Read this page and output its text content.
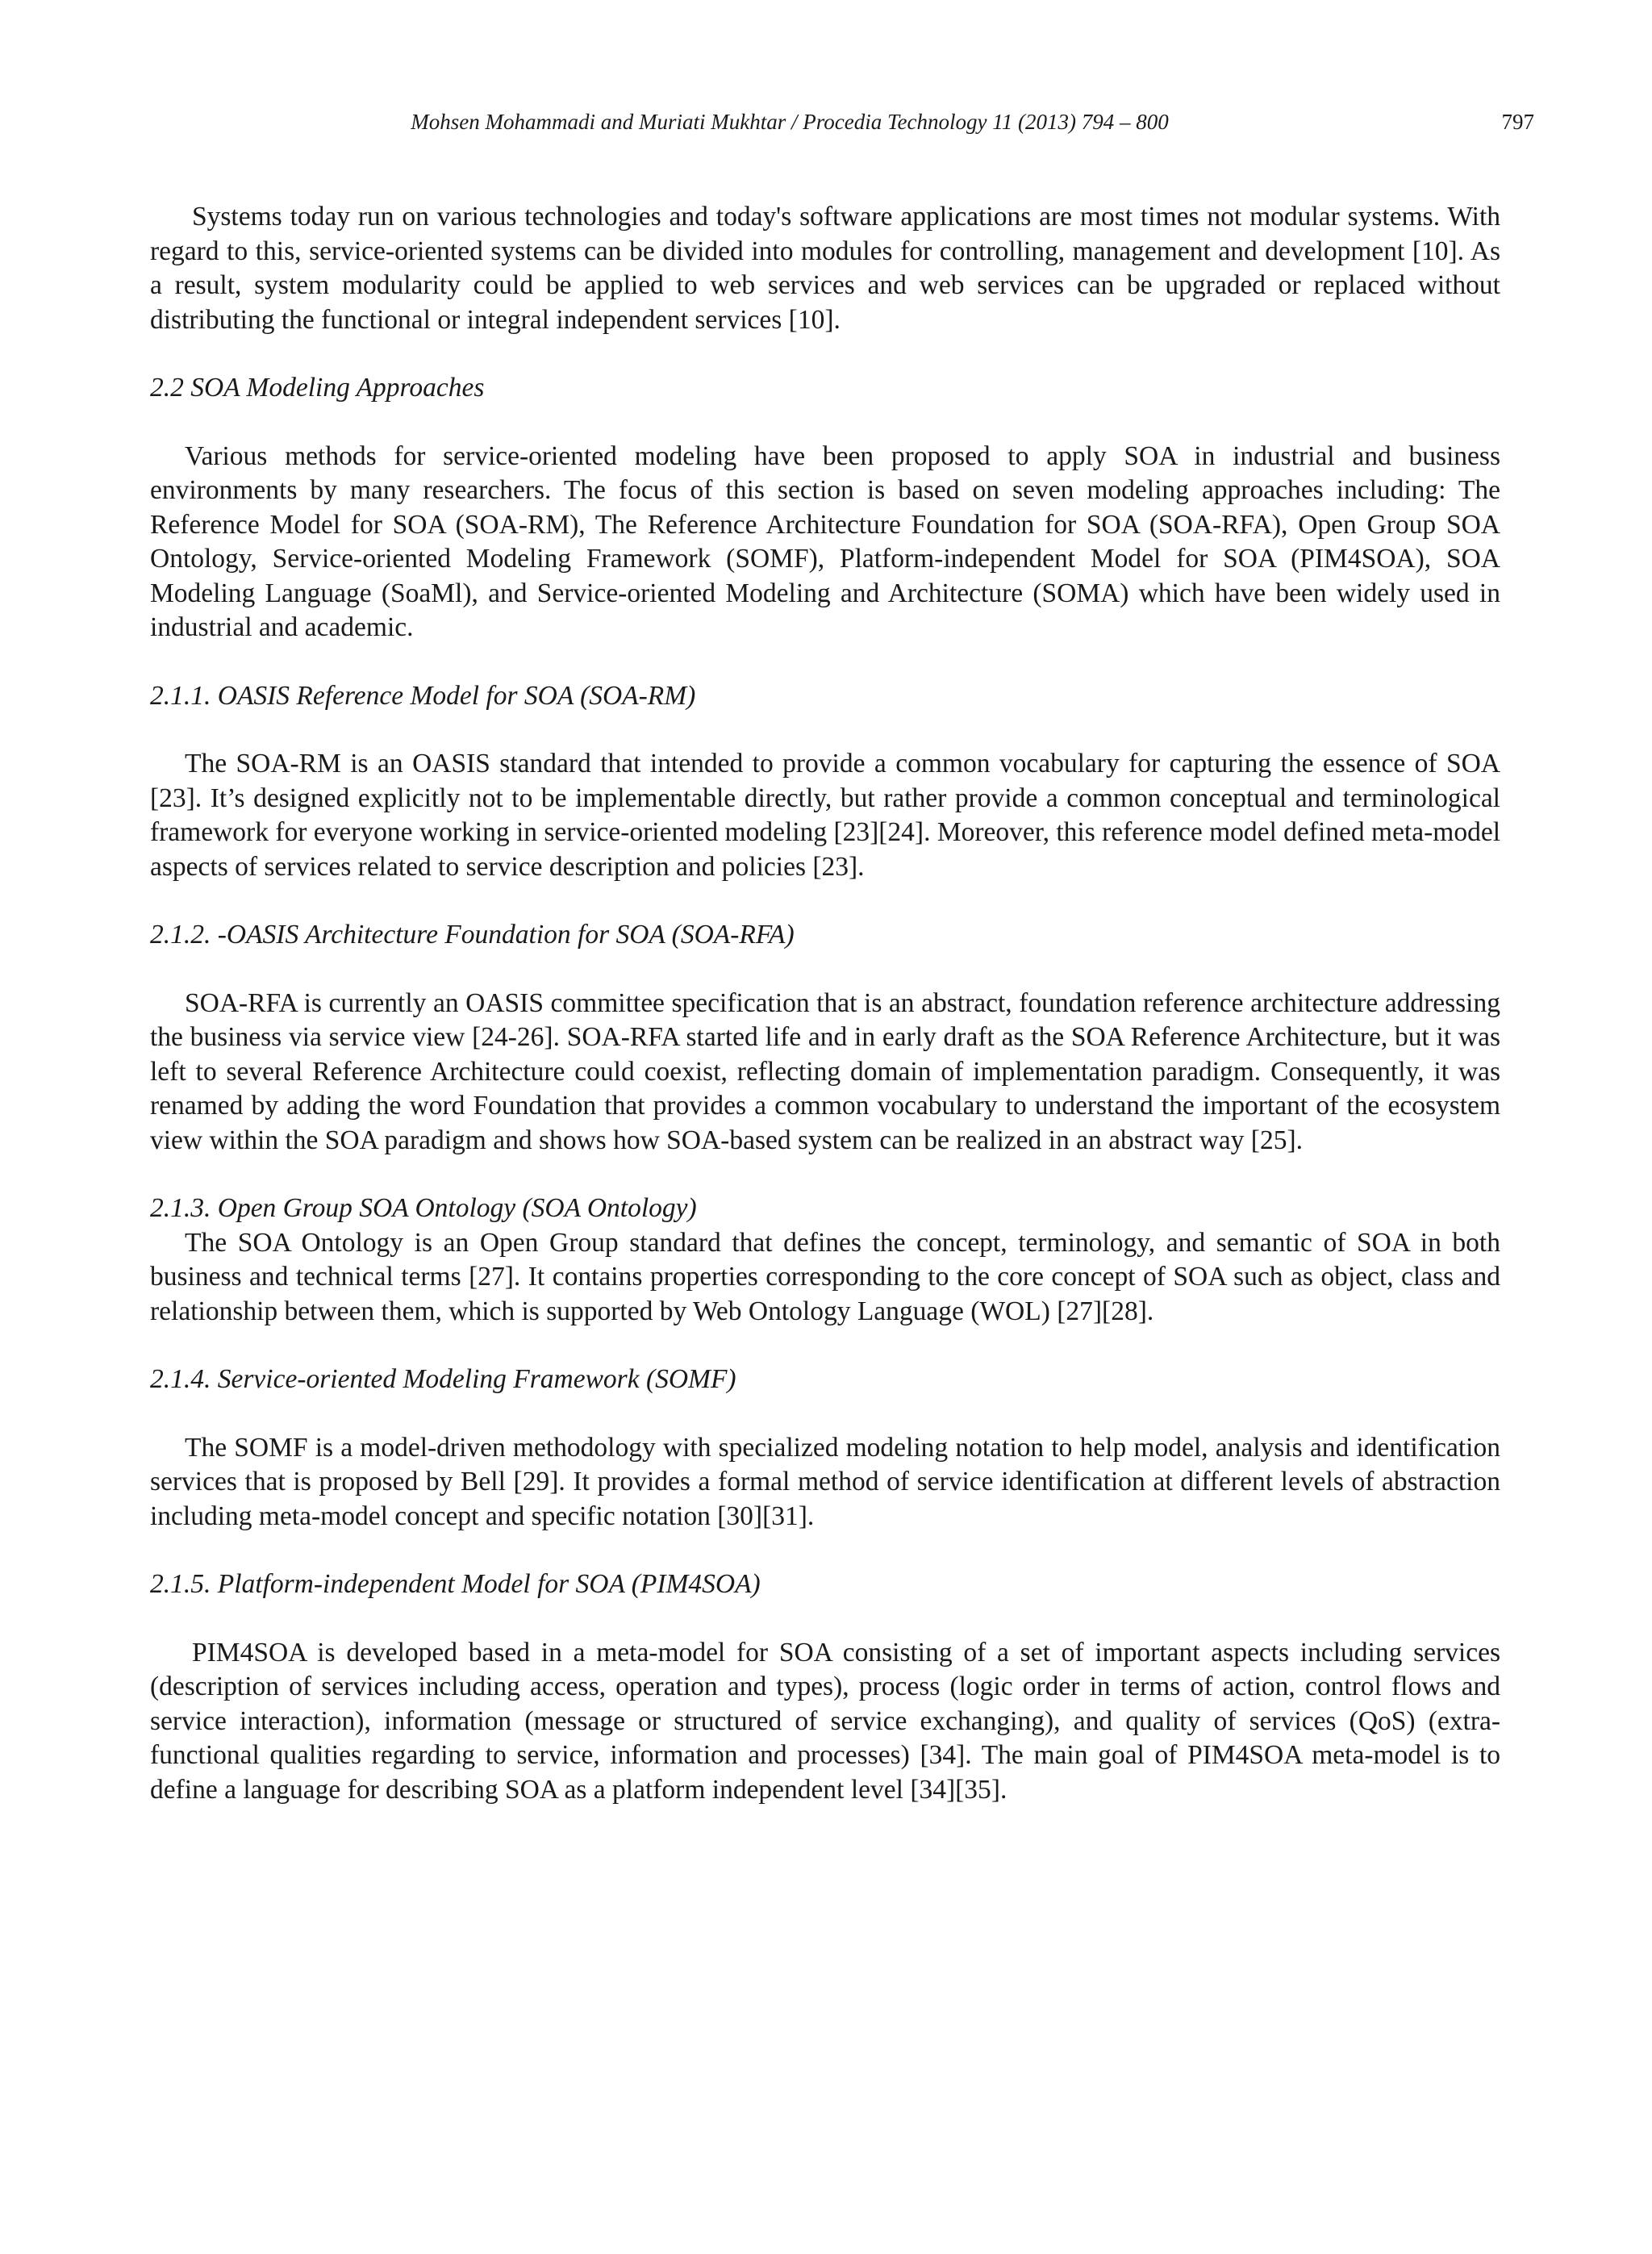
Mohsen Mohammadi and Muriati Mukhtar / Procedia Technology 11 (2013) 794 – 800	797

Systems today run on various technologies and today's software applications are most times not modular systems. With regard to this, service-oriented systems can be divided into modules for controlling, management and development [10]. As a result, system modularity could be applied to web services and web services can be upgraded or replaced without distributing the functional or integral independent services [10].

2.2 SOA Modeling Approaches

Various methods for service-oriented modeling have been proposed to apply SOA in industrial and business environments by many researchers. The focus of this section is based on seven modeling approaches including: The Reference Model for SOA (SOA-RM), The Reference Architecture Foundation for SOA (SOA-RFA), Open Group SOA Ontology, Service-oriented Modeling Framework (SOMF), Platform-independent Model for SOA (PIM4SOA), SOA Modeling Language (SoaMl), and Service-oriented Modeling and Architecture (SOMA) which have been widely used in industrial and academic.

2.1.1. OASIS Reference Model for SOA (SOA-RM)

The SOA-RM is an OASIS standard that intended to provide a common vocabulary for capturing the essence of SOA [23]. It’s designed explicitly not to be implementable directly, but rather provide a common conceptual and terminological framework for everyone working in service-oriented modeling [23][24]. Moreover, this reference model defined meta-model aspects of services related to service description and policies [23].

2.1.2. -OASIS Architecture Foundation for SOA (SOA-RFA)

SOA-RFA is currently an OASIS committee specification that is an abstract, foundation reference architecture addressing the business via service view [24-26]. SOA-RFA started life and in early draft as the SOA Reference Architecture, but it was left to several Reference Architecture could coexist, reflecting domain of implementation paradigm. Consequently, it was renamed by adding the word Foundation that provides a common vocabulary to understand the important of the ecosystem view within the SOA paradigm and shows how SOA-based system can be realized in an abstract way [25].

2.1.3. Open Group SOA Ontology (SOA Ontology)

The SOA Ontology is an Open Group standard that defines the concept, terminology, and semantic of SOA in both business and technical terms [27]. It contains properties corresponding to the core concept of SOA such as object, class and relationship between them, which is supported by Web Ontology Language (WOL) [27][28].

2.1.4. Service-oriented Modeling Framework (SOMF)

The SOMF is a model-driven methodology with specialized modeling notation to help model, analysis and identification services that is proposed by Bell [29]. It provides a formal method of service identification at different levels of abstraction including meta-model concept and specific notation [30][31].

2.1.5. Platform-independent Model for SOA (PIM4SOA)

PIM4SOA is developed based in a meta-model for SOA consisting of a set of important aspects including services (description of services including access, operation and types), process (logic order in terms of action, control flows and service interaction), information (message or structured of service exchanging), and quality of services (QoS) (extra-functional qualities regarding to service, information and processes) [34]. The main goal of PIM4SOA meta-model is to define a language for describing SOA as a platform independent level [34][35].
